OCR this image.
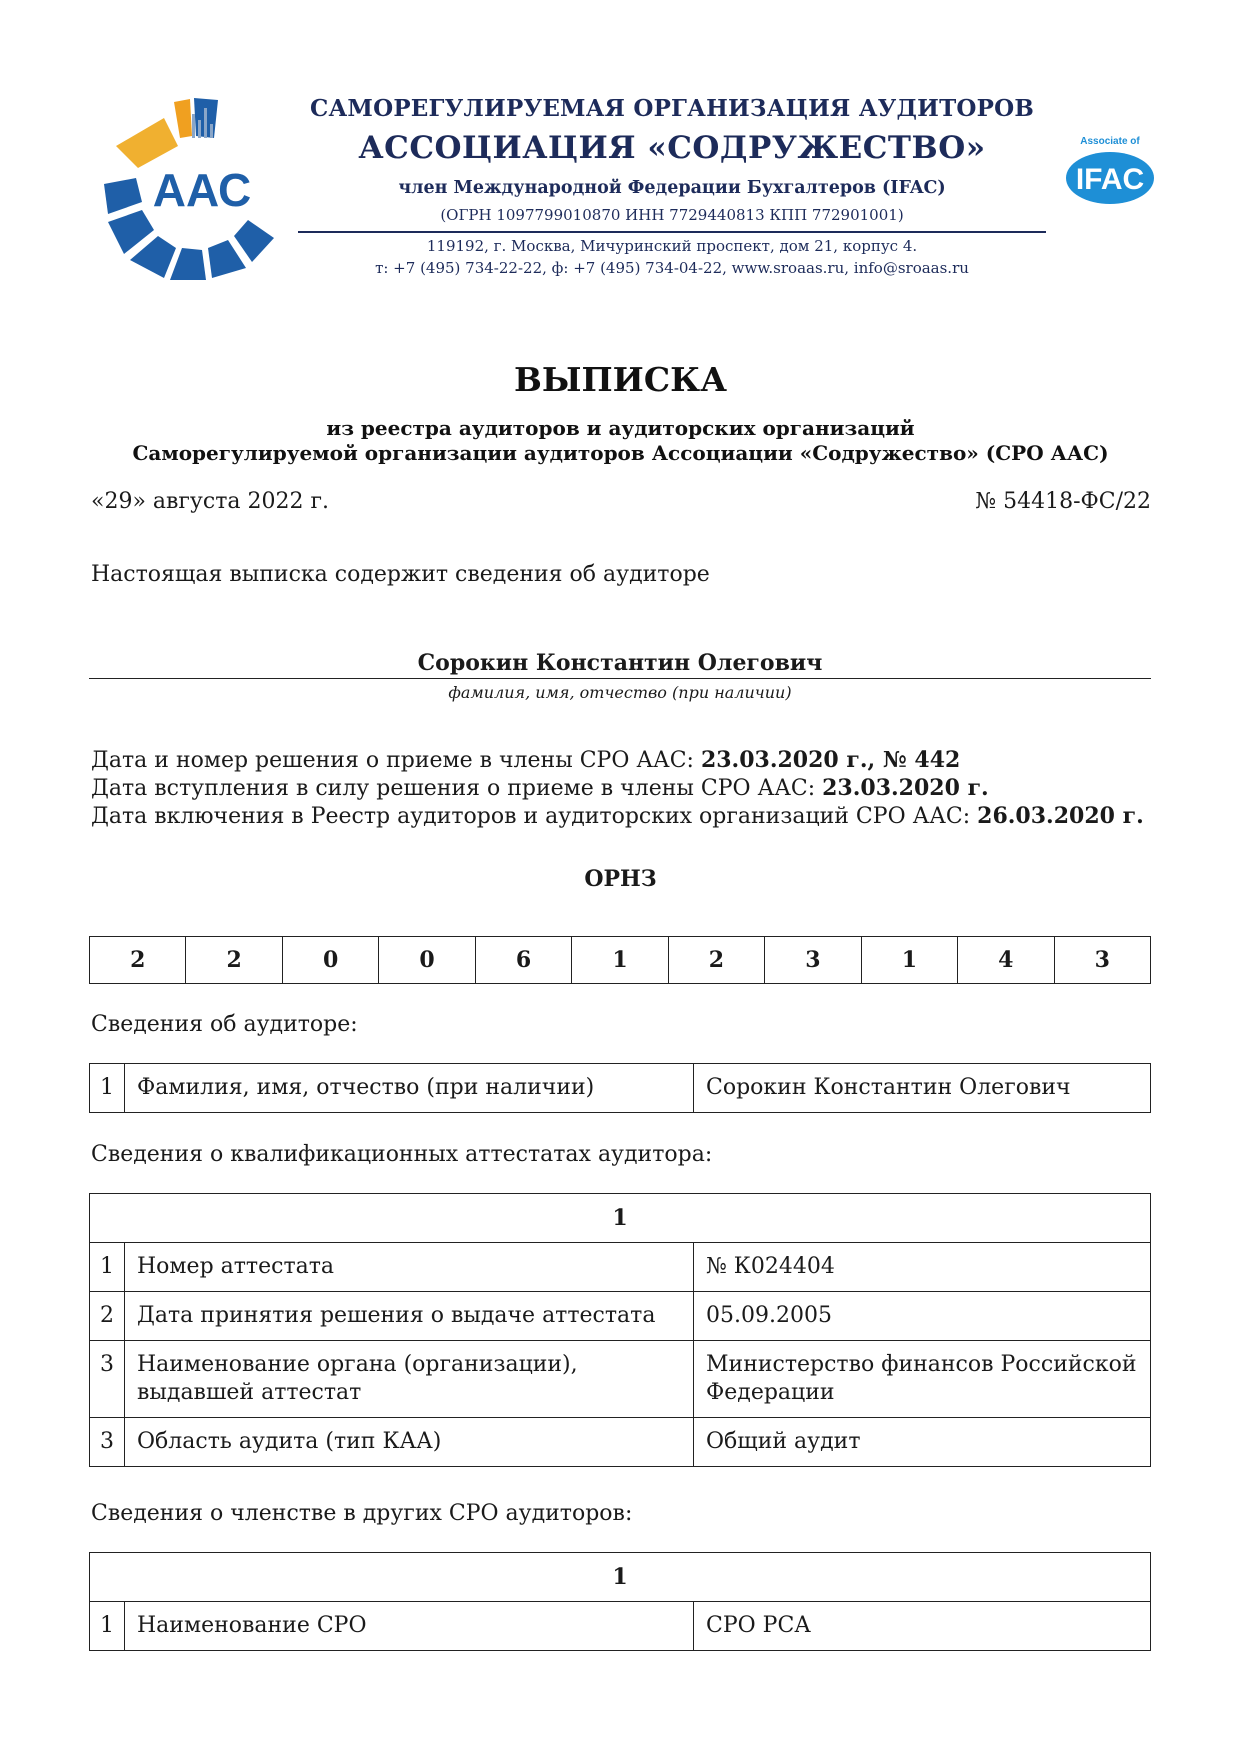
ААС
Associate of
IFAC
САМОРЕГУЛИРУЕМАЯ ОРГАНИЗАЦИЯ АУДИТОРОВ
АССОЦИАЦИЯ «СОДРУЖЕСТВО»
член Международной Федерации Бухгалтеров (IFAC)
(ОГРН 1097799010870 ИНН 7729440813 КПП 772901001)
119192, г. Москва, Мичуринский проспект, дом 21, корпус 4.
т: +7 (495) 734-22-22, ф: +7 (495) 734-04-22, www.sroaas.ru, info@sroaas.ru
ВЫПИСКА
из реестра аудиторов и аудиторских организаций
Саморегулируемой организации аудиторов Ассоциации «Содружество» (СРО ААС)
«29» августа 2022 г.	№ 54418-ФС/22
Настоящая выписка содержит сведения об аудиторе
Сорокин Константин Олегович
фамилия, имя, отчество (при наличии)
Дата и номер решения о приеме в члены СРО ААС: 23.03.2020 г., № 442
Дата вступления в силу решения о приеме в члены СРО ААС: 23.03.2020 г.
Дата включения в Реестр аудиторов и аудиторских организаций СРО ААС: 26.03.2020 г.
ОРНЗ
2	2	0	0	6	1	2	3	1	4	3
Сведения об аудиторе:
1	Фамилия, имя, отчество (при наличии)	Сорокин Константин Олегович
Сведения о квалификационных аттестатах аудитора:
1		
1	Номер аттестата	№ К024404
2	Дата принятия решения о выдаче аттестата	05.09.2005
3	Наименование органа (организации), выдавшей аттестат	Министерство финансов Российской Федерации
3	Область аудита (тип КАА)	Общий аудит
Сведения о членстве в других СРО аудиторов:
1
1	Наименование СРО	СРО РСА
